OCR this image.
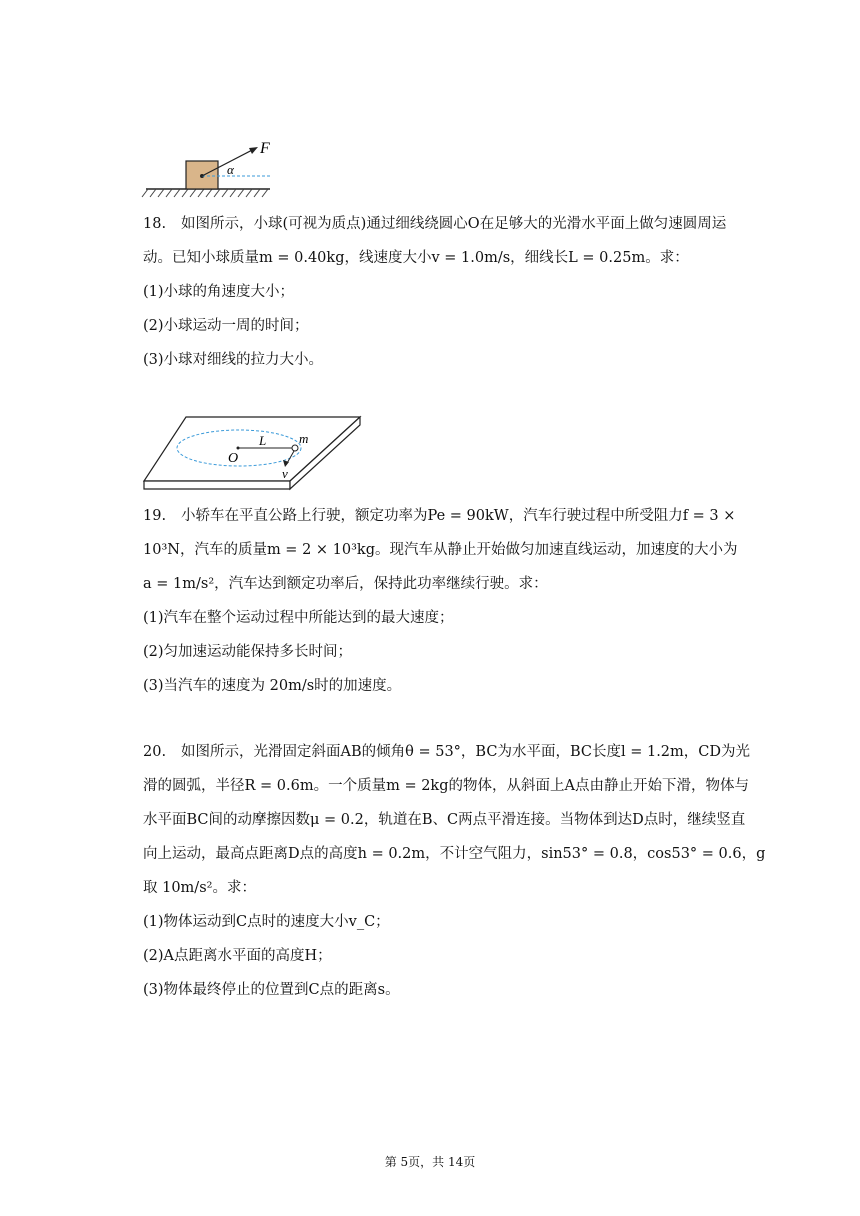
F
α
18. 如图所示，小球(可视为质点)通过细线绕圆心O在足够大的光滑水平面上做匀速圆周运
动。已知小球质量m = 0.40kg，线速度大小v = 1.0m/s，细线长L = 0.25m。求：
(1)小球的角速度大小；
(2)小球运动一周的时间；
(3)小球对细线的拉力大小。
L	m
O
v
19. 小轿车在平直公路上行驶，额定功率为Pe = 90kW，汽车行驶过程中所受阻力f = 3 ×
10³N，汽车的质量m = 2 × 10³kg。现汽车从静止开始做匀加速直线运动，加速度的大小为
a = 1m/s²，汽车达到额定功率后，保持此功率继续行驶。求：
(1)汽车在整个运动过程中所能达到的最大速度；
(2)匀加速运动能保持多长时间；
(3)当汽车的速度为 20m/s时的加速度。
20. 如图所示，光滑固定斜面AB的倾角θ = 53°，BC为水平面，BC长度l = 1.2m，CD为光
滑的圆弧，半径R = 0.6m。一个质量m = 2kg的物体，从斜面上A点由静止开始下滑，物体与
水平面BC间的动摩擦因数μ = 0.2，轨道在B、C两点平滑连接。当物体到达D点时，继续竖直
向上运动，最高点距离D点的高度h = 0.2m，不计空气阻力，sin53° = 0.8，cos53° = 0.6，g
取 10m/s²。求：
(1)物体运动到C点时的速度大小v_C；
(2)A点距离水平面的高度H；
(3)物体最终停止的位置到C点的距离s。
第 5页，共 14页
